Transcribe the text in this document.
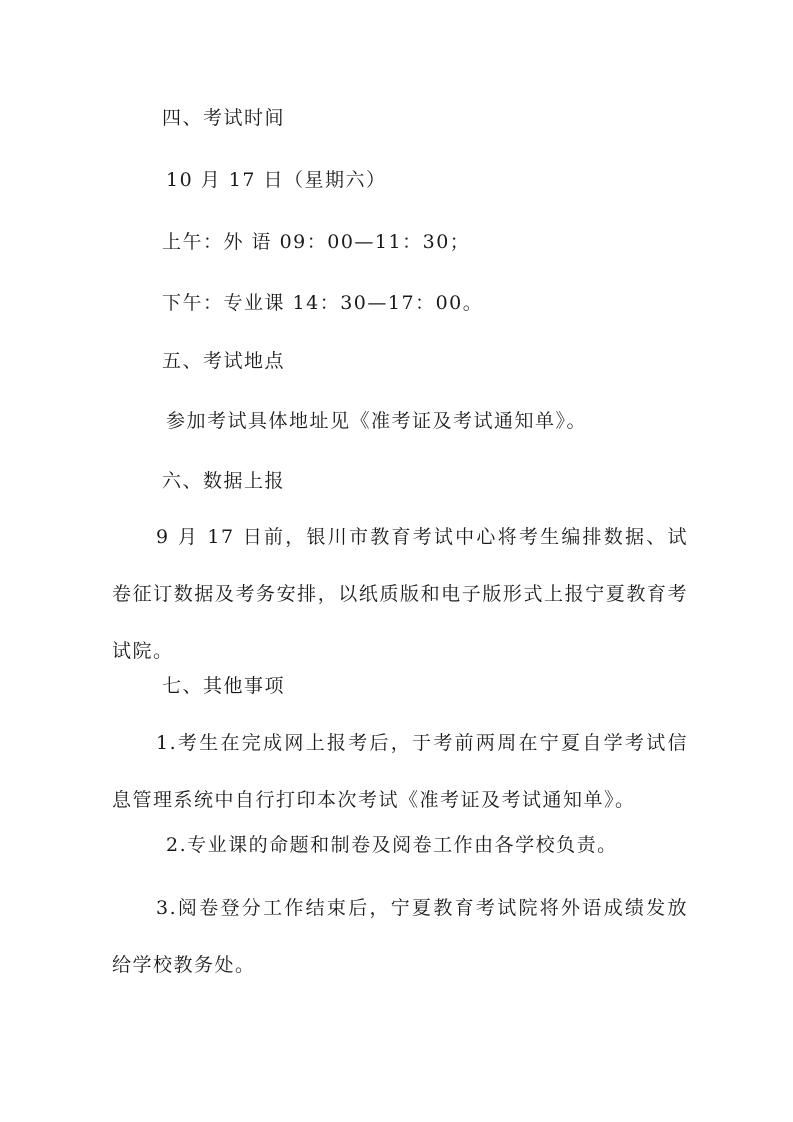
四、考试时间
10 月 17 日（星期六）
上午：外 语 09：00—11：30；
下午：专业课 14：30—17：00。
五、考试地点
参加考试具体地址见《准考证及考试通知单》。
六、数据上报
9 月 17 日前，银川市教育考试中心将考生编排数据、试卷征订数据及考务安排，以纸质版和电子版形式上报宁夏教育考试院。
七、其他事项
1.考生在完成网上报考后，于考前两周在宁夏自学考试信息管理系统中自行打印本次考试《准考证及考试通知单》。
2.专业课的命题和制卷及阅卷工作由各学校负责。
3.阅卷登分工作结束后，宁夏教育考试院将外语成绩发放给学校教务处。
